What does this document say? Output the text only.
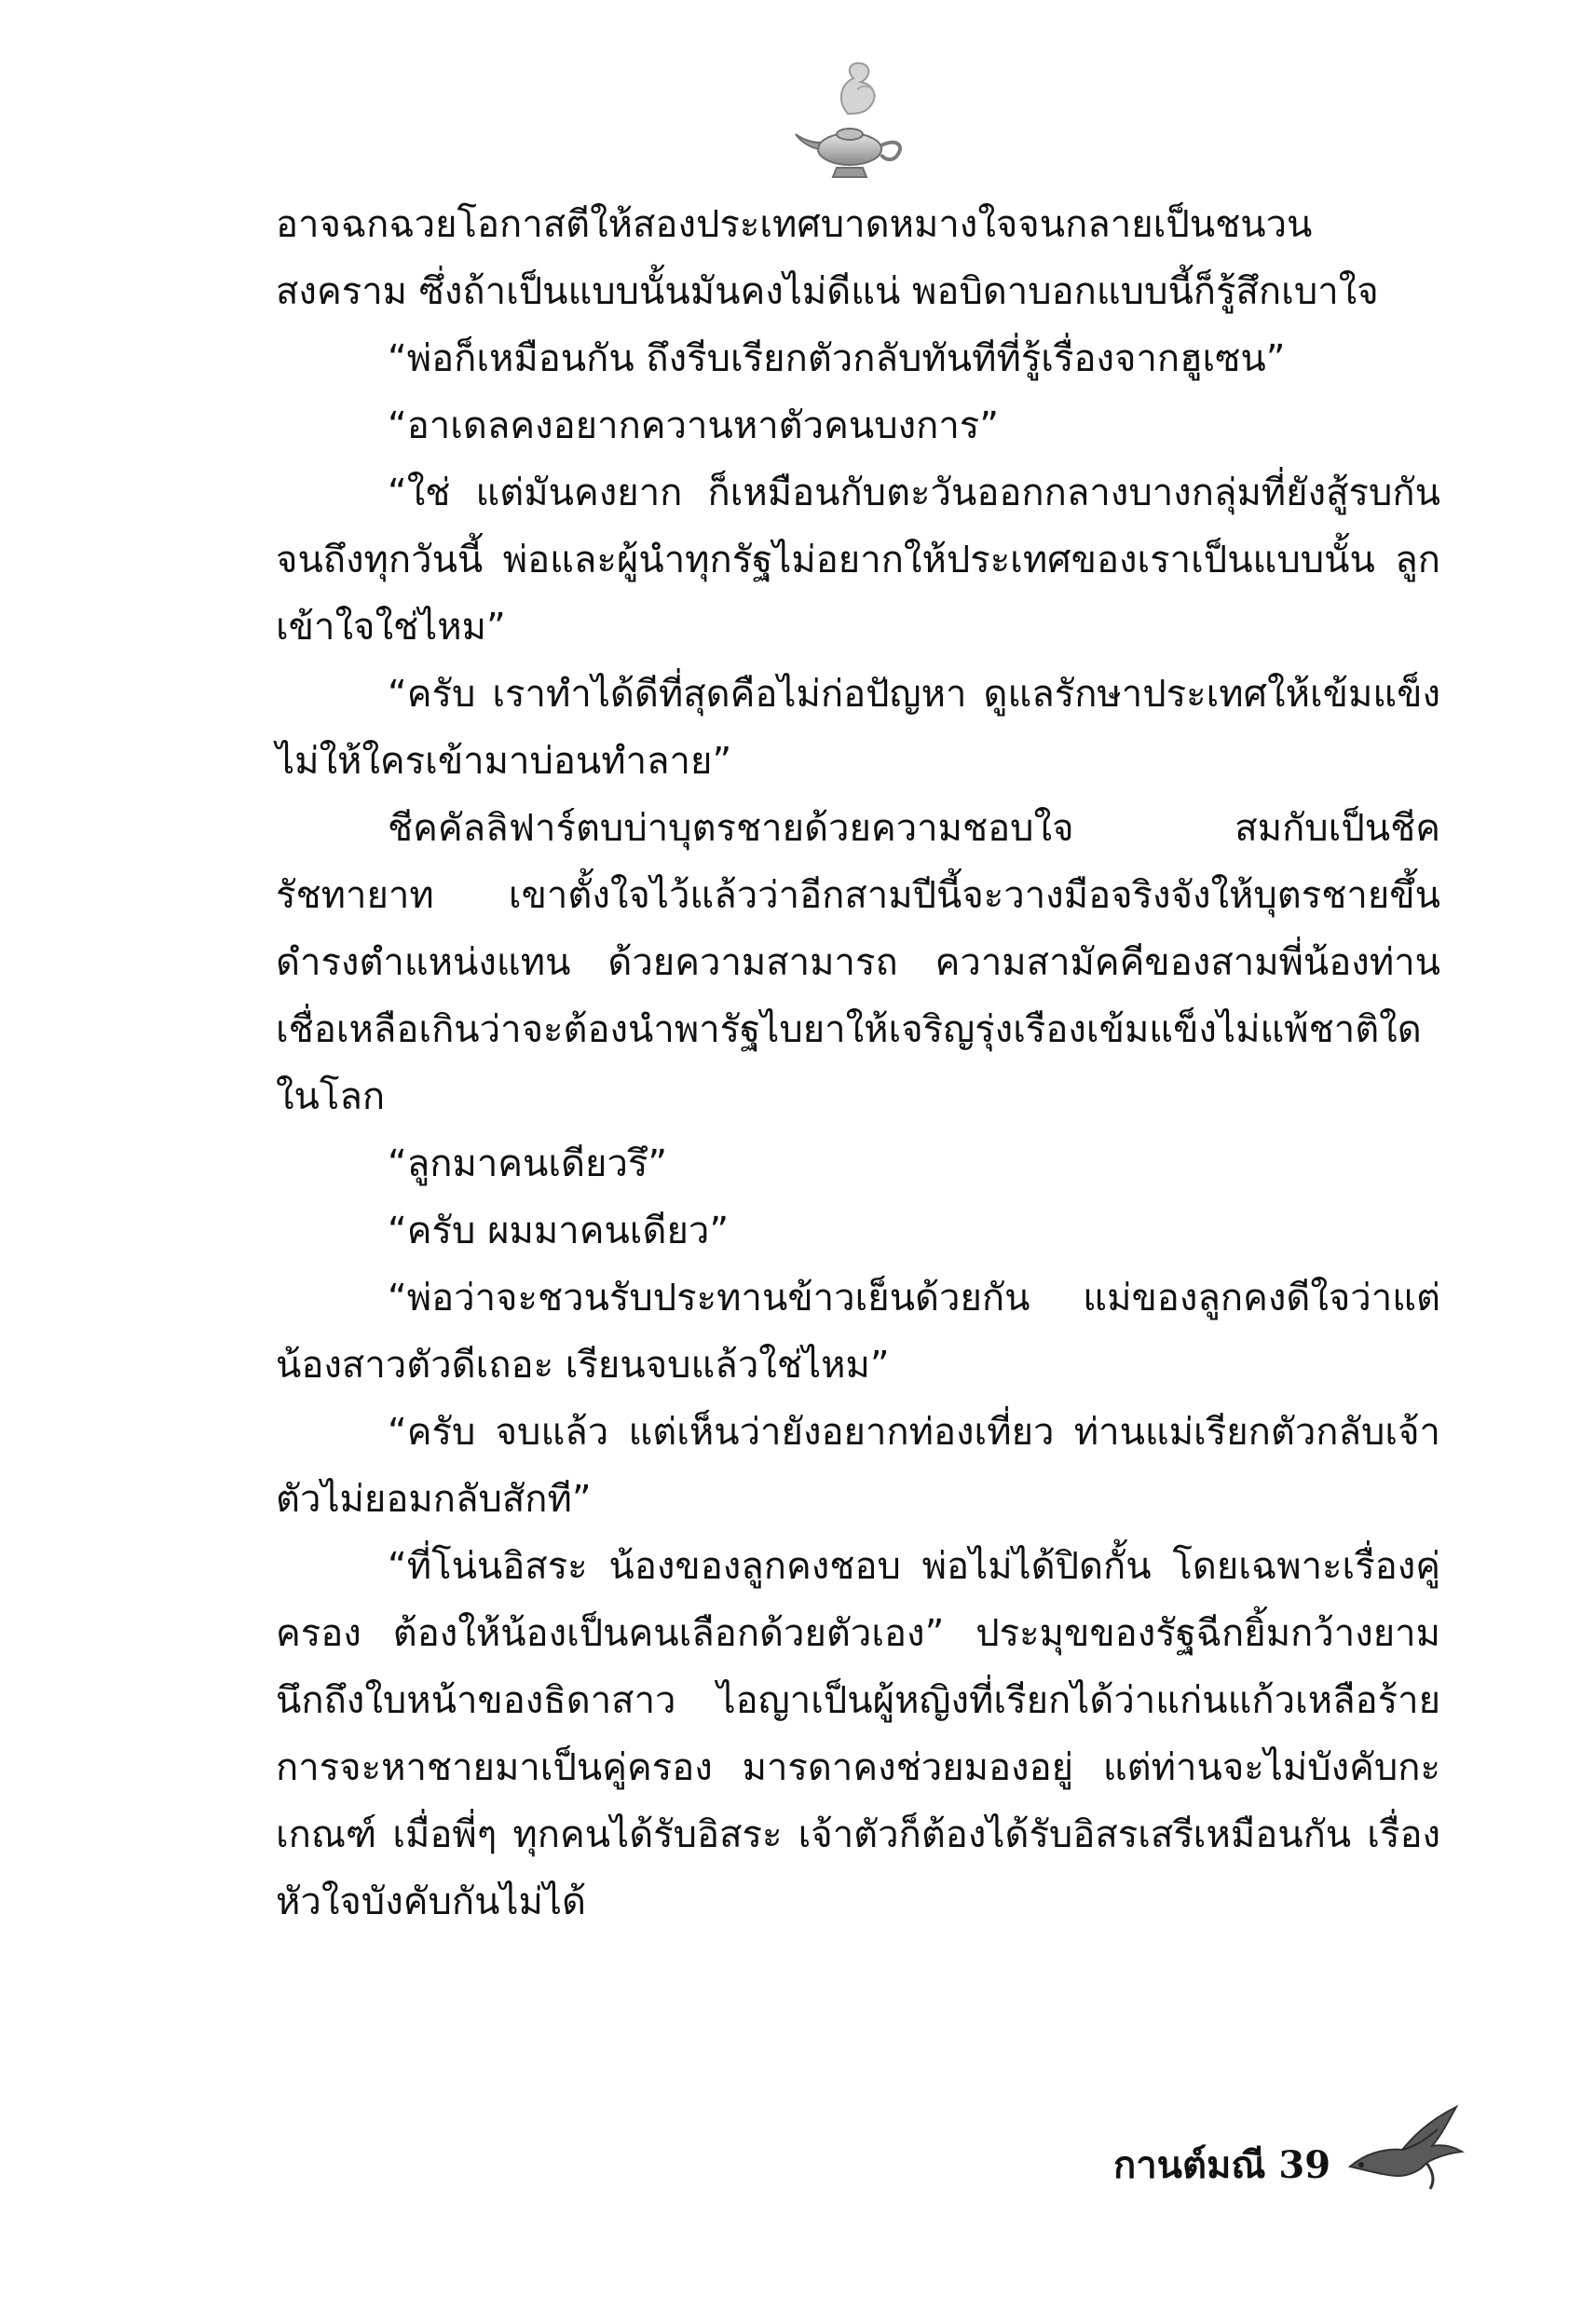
อาจฉกฉวยโอกาสตีให้สองประเทศบาดหมางใจจนกลายเป็นชนวนสงคราม ซึ่งถ้าเป็นแบบนั้นมันคงไม่ดีแน่ พอบิดาบอกแบบนี้ก็รู้สึกเบาใจ

“พ่อก็เหมือนกัน ถึงรีบเรียกตัวกลับทันทีที่รู้เรื่องจากฮูเซน”

“อาเดลคงอยากควานหาตัวคนบงการ”

“ใช่ แต่มันคงยาก ก็เหมือนกับตะวันออกกลางบางกลุ่มที่ยังสู้รบกันจนถึงทุกวันนี้ พ่อและผู้นำทุกรัฐไม่อยากให้ประเทศของเราเป็นแบบนั้น ลูกเข้าใจใช่ไหม”

“ครับ เราทำได้ดีที่สุดคือไม่ก่อปัญหา ดูแลรักษาประเทศให้เข้มแข็งไม่ให้ใครเข้ามาบ่อนทำลาย”

ชีคคัลลิฟาร์ตบบ่าบุตรชายด้วยความชอบใจ สมกับเป็นชีครัชทายาท เขาตั้งใจไว้แล้วว่าอีกสามปีนี้จะวางมือจริงจังให้บุตรชายขึ้นดำรงตำแหน่งแทน ด้วยความสามารถ ความสามัคคีของสามพี่น้องท่านเชื่อเหลือเกินว่าจะต้องนำพารัฐไบยาให้เจริญรุ่งเรืองเข้มแข็งไม่แพ้ชาติใดในโลก

“ลูกมาคนเดียวรึ”

“ครับ ผมมาคนเดียว”

“พ่อว่าจะชวนรับประทานข้าวเย็นด้วยกัน แม่ของลูกคงดีใจว่าแต่น้องสาวตัวดีเถอะ เรียนจบแล้วใช่ไหม”

“ครับ จบแล้ว แต่เห็นว่ายังอยากท่องเที่ยว ท่านแม่เรียกตัวกลับเจ้าตัวไม่ยอมกลับสักที”

“ที่โน่นอิสระ น้องของลูกคงชอบ พ่อไม่ได้ปิดกั้น โดยเฉพาะเรื่องคู่ครอง ต้องให้น้องเป็นคนเลือกด้วยตัวเอง” ประมุขของรัฐฉีกยิ้มกว้างยามนึกถึงใบหน้าของธิดาสาว ไอญาเป็นผู้หญิงที่เรียกได้ว่าแก่นแก้วเหลือร้าย การจะหาชายมาเป็นคู่ครอง มารดาคงช่วยมองอยู่ แต่ท่านจะไม่บังคับกะเกณฑ์ เมื่อพี่ๆ ทุกคนได้รับอิสระ เจ้าตัวก็ต้องได้รับอิสรเสรีเหมือนกัน เรื่องหัวใจบังคับกันไม่ได้

กานต์มณี 39
